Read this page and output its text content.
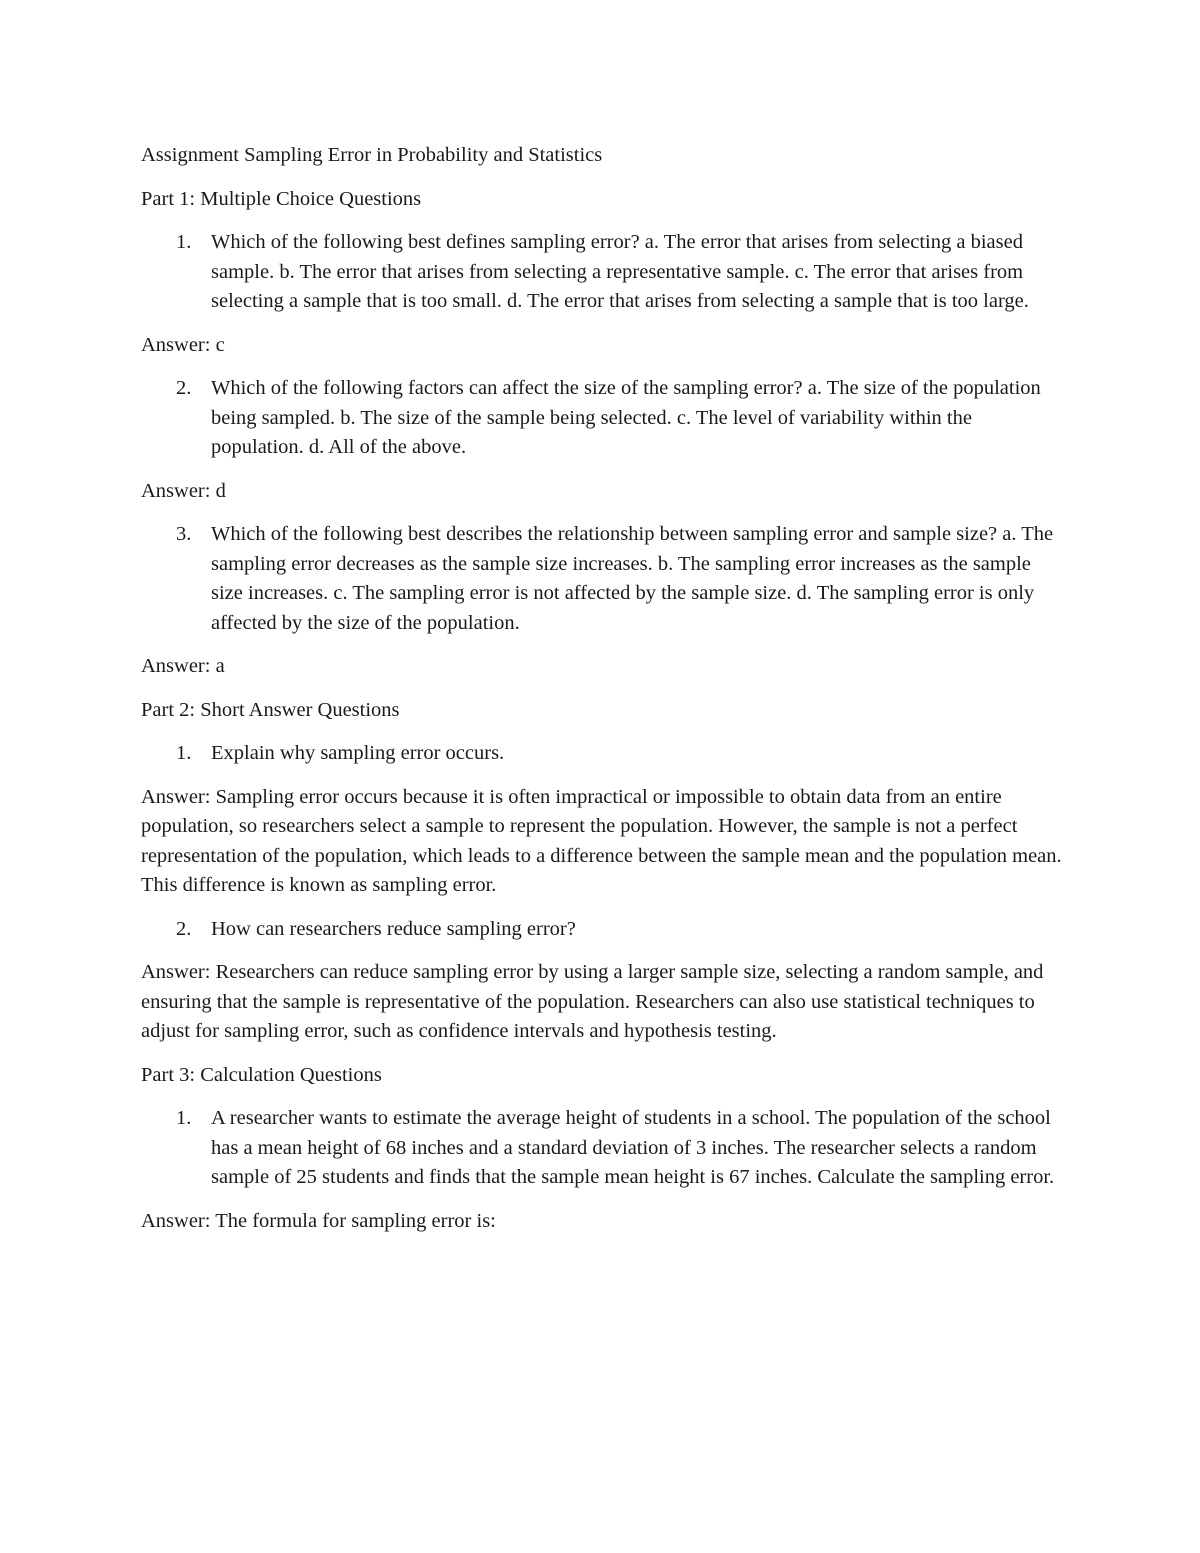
Assignment Sampling Error in Probability and Statistics

Part 1: Multiple Choice Questions

1. Which of the following best defines sampling error? a. The error that arises from selecting a biased sample. b. The error that arises from selecting a representative sample. c. The error that arises from selecting a sample that is too small. d. The error that arises from selecting a sample that is too large.

Answer: c

2. Which of the following factors can affect the size of the sampling error? a. The size of the population being sampled. b. The size of the sample being selected. c. The level of variability within the population. d. All of the above.

Answer: d

3. Which of the following best describes the relationship between sampling error and sample size? a. The sampling error decreases as the sample size increases. b. The sampling error increases as the sample size increases. c. The sampling error is not affected by the sample size. d. The sampling error is only affected by the size of the population.

Answer: a

Part 2: Short Answer Questions

1. Explain why sampling error occurs.

Answer: Sampling error occurs because it is often impractical or impossible to obtain data from an entire population, so researchers select a sample to represent the population. However, the sample is not a perfect representation of the population, which leads to a difference between the sample mean and the population mean. This difference is known as sampling error.

2. How can researchers reduce sampling error?

Answer: Researchers can reduce sampling error by using a larger sample size, selecting a random sample, and ensuring that the sample is representative of the population. Researchers can also use statistical techniques to adjust for sampling error, such as confidence intervals and hypothesis testing.

Part 3: Calculation Questions

1. A researcher wants to estimate the average height of students in a school. The population of the school has a mean height of 68 inches and a standard deviation of 3 inches. The researcher selects a random sample of 25 students and finds that the sample mean height is 67 inches. Calculate the sampling error.

Answer: The formula for sampling error is:
